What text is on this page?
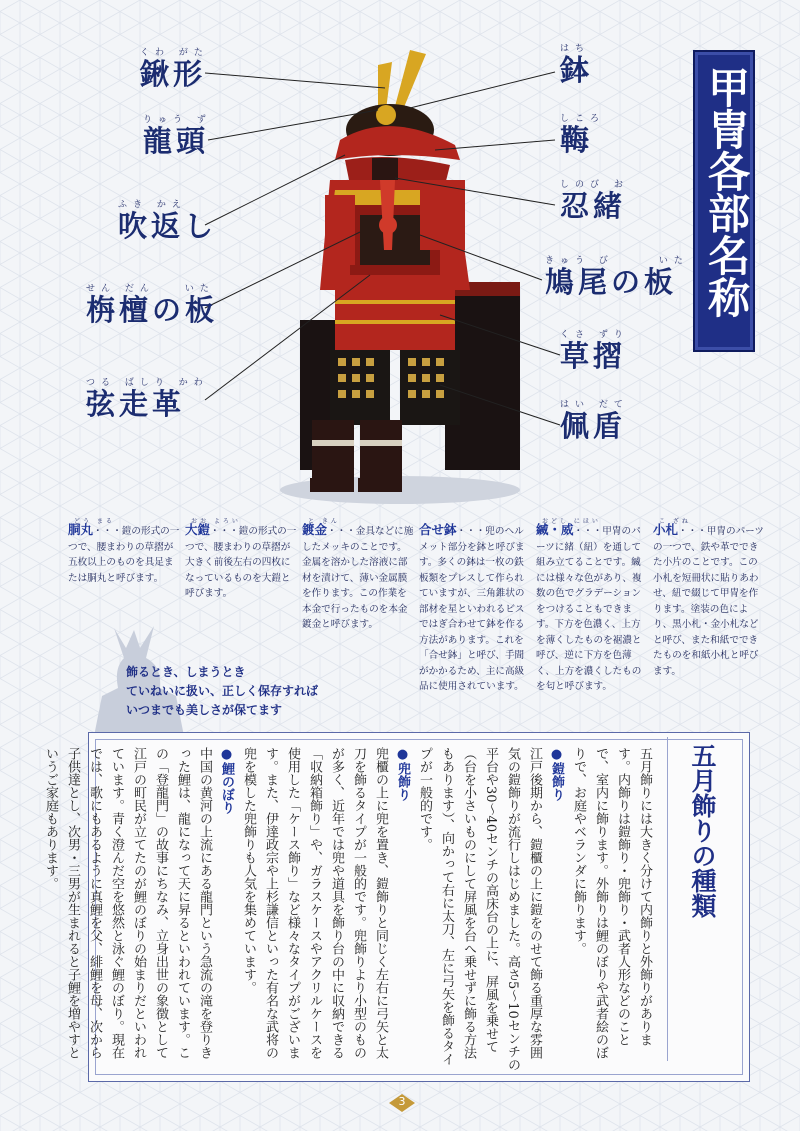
くわ がた
鍬形
りゅう ず
龍頭
ふき かえ
吹返し
せん だん　　いた
栴檀の板
つる ばしり かわ
弦走革
はち
鉢
しころ
𩊱
しのび お
忍緒
きゅう び　　　いた
鳩尾の板
くさ ずり
草摺
はい だて
佩盾
甲冑各部名称
どう まる
胴丸・・・鎧の形式の一つで、腰まわりの草摺が五枚以上のものを具足または胴丸と呼びます。
おお よろい
大鎧・・・鎧の形式の一つで、腰まわりの草摺が大きく前後左右の四枚になっているものを大鎧と呼びます。
と きん
鍍金・・・金具などに施したメッキのことです。金属を溶かした溶液に部材を漬けて、薄い金属膜を作ります。この作業を本金で行ったものを本金鍍金と呼びます。
合せ鉢・・・兜のヘルメット部分を鉢と呼びます。多くの鉢は一枚の鉄板類をプレスして作られていますが、三角錐状の部材を星といわれるビスではぎ合わせて鉢を作る方法があります。これを「合せ鉢」と呼び、手間がかかるため、主に高級品に使用されています。
おどし にほい
縅・威・・・甲冑のパーツに緒（紐）を通して組み立てることです。縅には様々な色があり、複数の色でグラデーションをつけることもできます。下方を色濃く、上方を薄くしたものを裾濃と呼び、逆に下方を色薄く、上方を濃くしたものを匂と呼びます。
こ ざね
小札・・・甲冑のパーツの一つで、鉄や革でできた小片のことです。この小札を短冊状に貼りあわせ、紐で綴じて甲冑を作ります。塗装の色により、黒小札・金小札などと呼び、また和紙でできたものを和紙小札と呼びます。
飾るとき、しまうとき
ていねいに扱い、正しく保存すれば
いつまでも美しさが保てます

五月飾りには大きく分けて内飾りと外飾りがあります。内飾りは鎧飾り・兜飾り・武者人形などのことで、室内に飾ります。外飾りは鯉のぼりや武者絵のぼりで、お庭やベランダに飾ります。

●鎧飾り

江戸後期から、鎧櫃の上に鎧をのせて飾る重厚な雰囲気の鎧飾りが流行しはじめました。高さ5〜10センチの平台や30〜40センチの高床台の上に、屏風を乗せて（台を小さいものにして屏風を台へ乗せずに飾る方法もあります）、向かって右に太刀、左に弓矢を飾るタイプが一般的です。

●兜飾り

兜櫃の上に兜を置き、鎧飾りと同じく左右に弓矢と太刀を飾るタイプが一般的です。兜飾りより小型のものが多く、近年では兜や道具を飾り台の中に収納できる「収納箱飾り」や、ガラスケースやアクリルケースを使用した「ケース飾り」など様々なタイプがございます。また、伊達政宗や上杉謙信といった有名な武将の兜を模した兜飾りも人気を集めています。

●鯉のぼり

中国の黄河の上流にある龍門という急流の滝を登りきった鯉は、龍になって天に昇るといわれています。この「登龍門」の故事にちなみ、立身出世の象徴として江戸の町民が立てたのが鯉のぼりの始まりだといわれています。青く澄んだ空を悠然と泳ぐ鯉のぼり。現在では、歌にもあるように真鯉を父、緋鯉を母、次から子供達とし、次男・三男が生まれると子鯉を増やすというご家庭もあります。	五月飾りの種類
3
